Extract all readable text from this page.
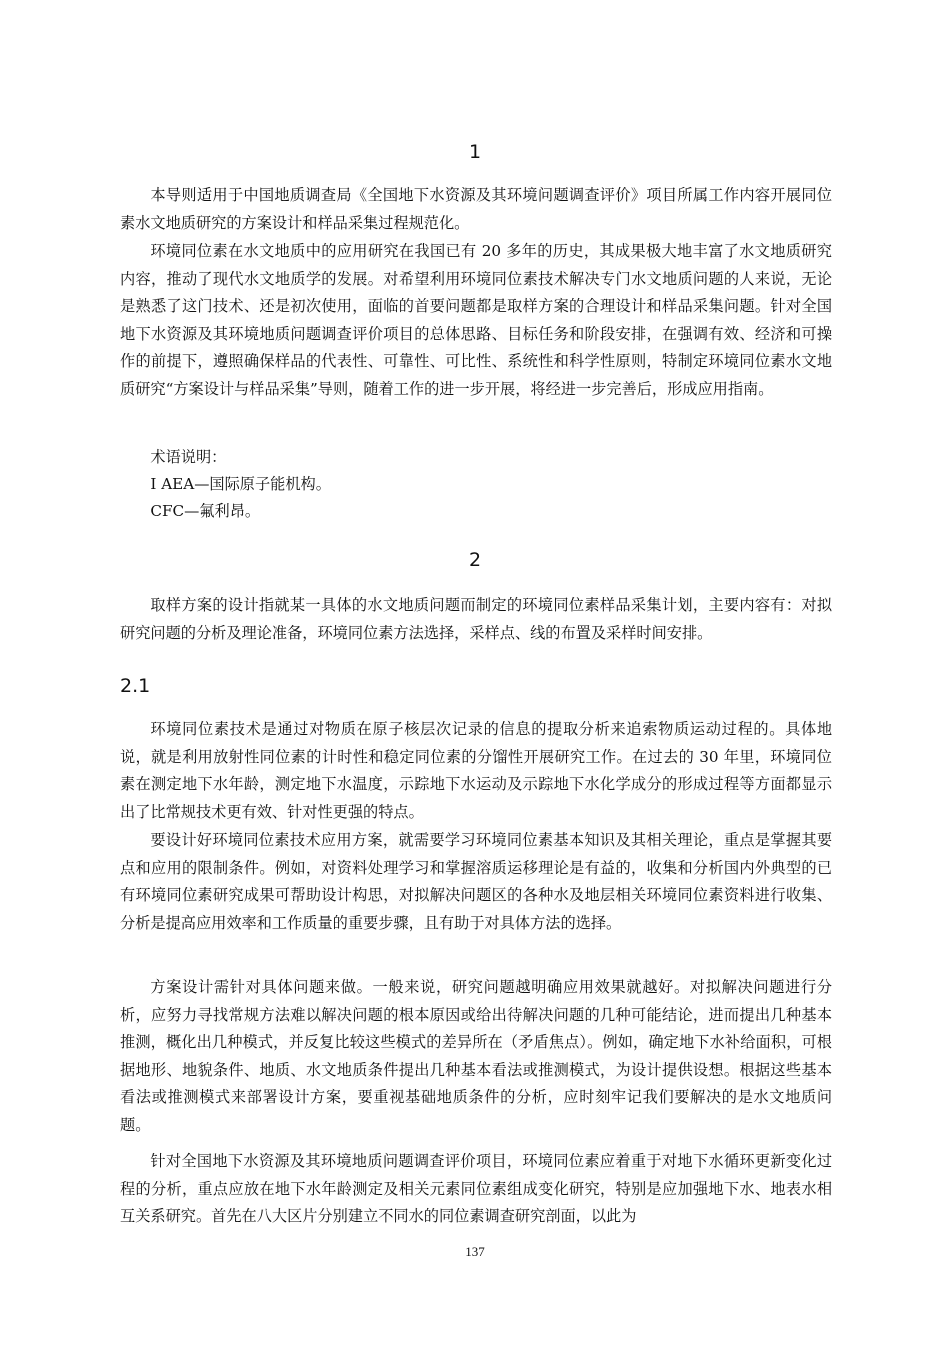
1

本导则适用于中国地质调查局《全国地下水资源及其环境问题调查评价》项目所属工作内容开展同位素水文地质研究的方案设计和样品采集过程规范化。

环境同位素在水文地质中的应用研究在我国已有 20 多年的历史，其成果极大地丰富了水文地质研究内容，推动了现代水文地质学的发展。对希望利用环境同位素技术解决专门水文地质问题的人来说，无论是熟悉了这门技术、还是初次使用，面临的首要问题都是取样方案的合理设计和样品采集问题。针对全国地下水资源及其环境地质问题调查评价项目的总体思路、目标任务和阶段安排，在强调有效、经济和可操作的前提下，遵照确保样品的代表性、可靠性、可比性、系统性和科学性原则，特制定环境同位素水文地质研究“方案设计与样品采集”导则，随着工作的进一步开展，将经进一步完善后，形成应用指南。

术语说明：

I AEA—国际原子能机构。

CFC—氟利昂。

2

取样方案的设计指就某一具体的水文地质问题而制定的环境同位素样品采集计划，主要内容有：对拟研究问题的分析及理论准备，环境同位素方法选择，采样点、线的布置及采样时间安排。

2.1

环境同位素技术是通过对物质在原子核层次记录的信息的提取分析来追索物质运动过程的。具体地说，就是利用放射性同位素的计时性和稳定同位素的分馏性开展研究工作。在过去的 30 年里，环境同位素在测定地下水年龄，测定地下水温度，示踪地下水运动及示踪地下水化学成分的形成过程等方面都显示出了比常规技术更有效、针对性更强的特点。

要设计好环境同位素技术应用方案，就需要学习环境同位素基本知识及其相关理论，重点是掌握其要点和应用的限制条件。例如，对资料处理学习和掌握溶质运移理论是有益的，收集和分析国内外典型的已有环境同位素研究成果可帮助设计构思，对拟解决问题区的各种水及地层相关环境同位素资料进行收集、分析是提高应用效率和工作质量的重要步骤，且有助于对具体方法的选择。

方案设计需针对具体问题来做。一般来说，研究问题越明确应用效果就越好。对拟解决问题进行分析，应努力寻找常规方法难以解决问题的根本原因或给出待解决问题的几种可能结论，进而提出几种基本推测，概化出几种模式，并反复比较这些模式的差异所在（矛盾焦点）。例如，确定地下水补给面积，可根据地形、地貌条件、地质、水文地质条件提出几种基本看法或推测模式，为设计提供设想。根据这些基本看法或推测模式来部署设计方案，要重视基础地质条件的分析，应时刻牢记我们要解决的是水文地质问题。

针对全国地下水资源及其环境地质问题调查评价项目，环境同位素应着重于对地下水循环更新变化过程的分析，重点应放在地下水年龄测定及相关元素同位素组成变化研究，特别是应加强地下水、地表水相互关系研究。首先在八大区片分别建立不同水的同位素调查研究剖面，以此为

137
